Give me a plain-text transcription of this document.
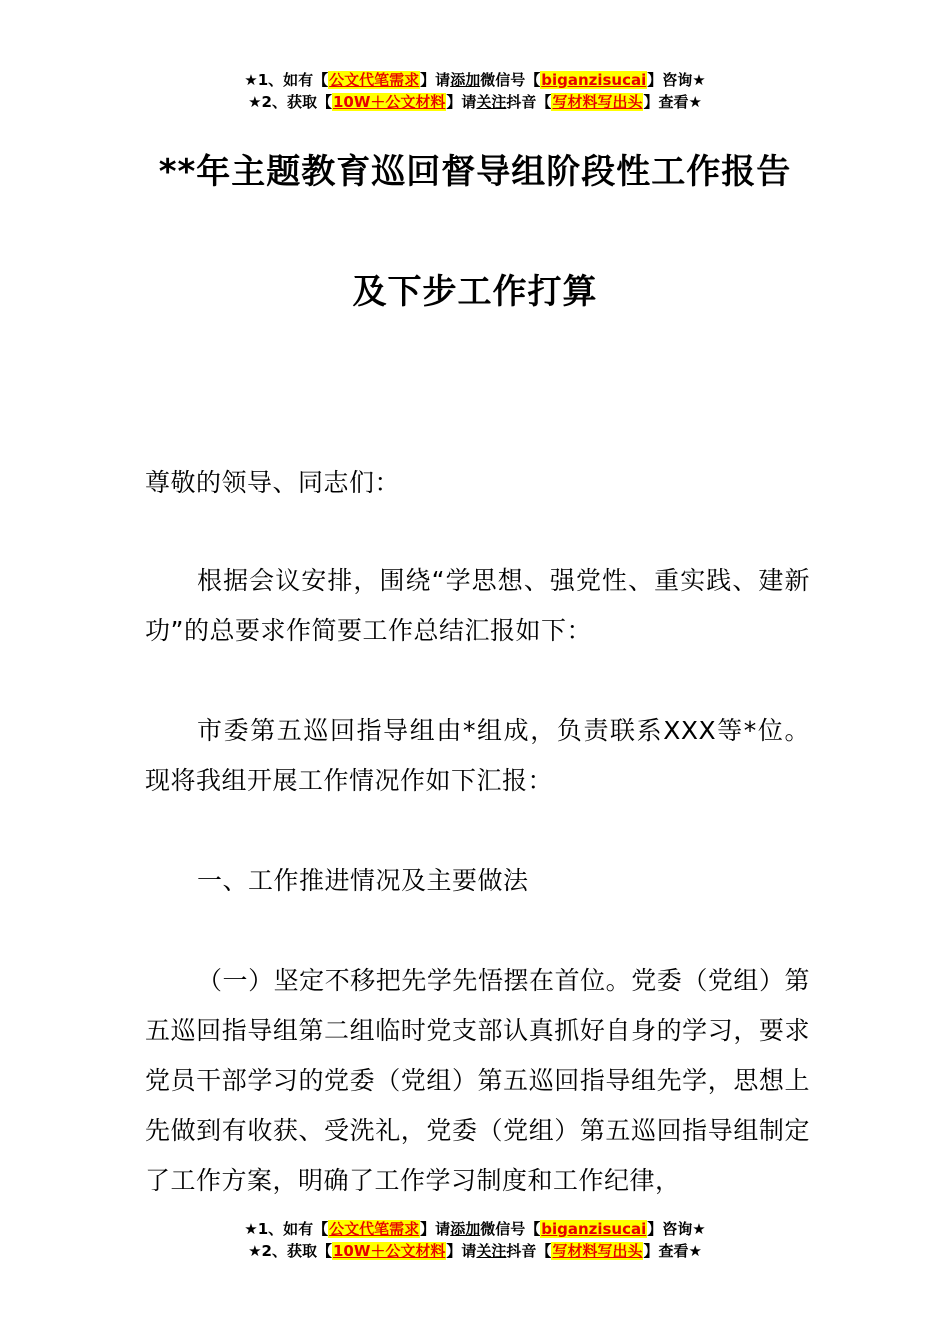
★1、如有【公文代笔需求】请添加微信号【biganzisucai】咨询★
★2、获取【10W＋公文材料】请关注抖音【写材料写出头】查看★
**年主题教育巡回督导组阶段性工作报告
及下步工作打算
尊敬的领导、同志们：
根据会议安排，围绕“学思想、强党性、重实践、建新功”的总要求作简要工作总结汇报如下：
市委第五巡回指导组由*组成，负责联系XXX等*位。现将我组开展工作情况作如下汇报：
一、工作推进情况及主要做法
（一）坚定不移把先学先悟摆在首位。党委（党组）第五巡回指导组第二组临时党支部认真抓好自身的学习，要求党员干部学习的党委（党组）第五巡回指导组先学，思想上先做到有收获、受洗礼，党委（党组）第五巡回指导组制定了工作方案，明确了工作学习制度和工作纪律，
★1、如有【公文代笔需求】请添加微信号【biganzisucai】咨询★
★2、获取【10W＋公文材料】请关注抖音【写材料写出头】查看★
